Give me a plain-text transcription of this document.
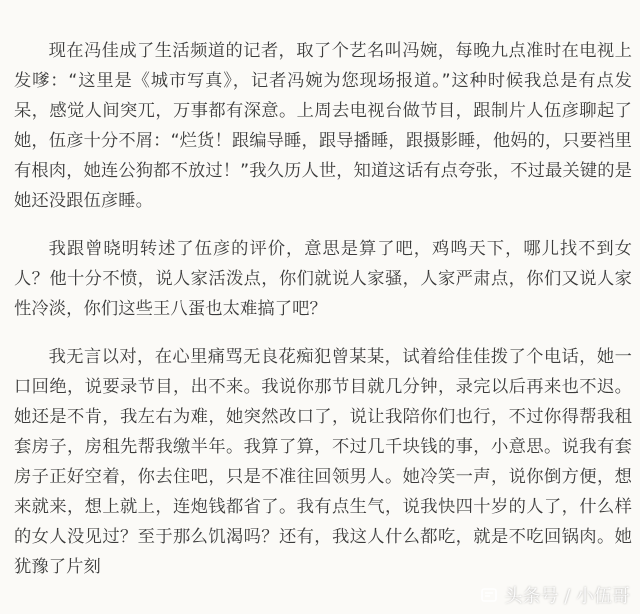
现在冯佳成了生活频道的记者，取了个艺名叫冯婉，每晚九点准时在电视上发嗲：“这里是《城市写真》，记者冯婉为您现场报道。”这种时候我总是有点发呆，感觉人间突兀，万事都有深意。上周去电视台做节目，跟制片人伍彦聊起了她，伍彦十分不屑：“烂货！跟编导睡，跟导播睡，跟摄影睡，他妈的，只要裆里有根肉，她连公狗都不放过！”我久历人世，知道这话有点夸张，不过最关键的是她还没跟伍彦睡。

我跟曾晓明转述了伍彦的评价，意思是算了吧，鸡鸣天下，哪儿找不到女人？他十分不愤，说人家活泼点，你们就说人家骚，人家严肃点，你们又说人家性冷淡，你们这些王八蛋也太难搞了吧？

我无言以对，在心里痛骂无良花痴犯曾某某，试着给佳佳拨了个电话，她一口回绝，说要录节目，出不来。我说你那节目就几分钟，录完以后再来也不迟。她还是不肯，我左右为难，她突然改口了，说让我陪你们也行，不过你得帮我租套房子，房租先帮我缴半年。我算了算，不过几千块钱的事，小意思。说我有套房子正好空着，你去住吧，只是不准往回领男人。她冷笑一声，说你倒方便，想来就来，想上就上，连炮钱都省了。我有点生气，说我快四十岁的人了，什么样的女人没见过？至于那么饥渴吗？还有，我这人什么都吃，就是不吃回锅肉。她犹豫了片刻

头条号 / 小伍哥
